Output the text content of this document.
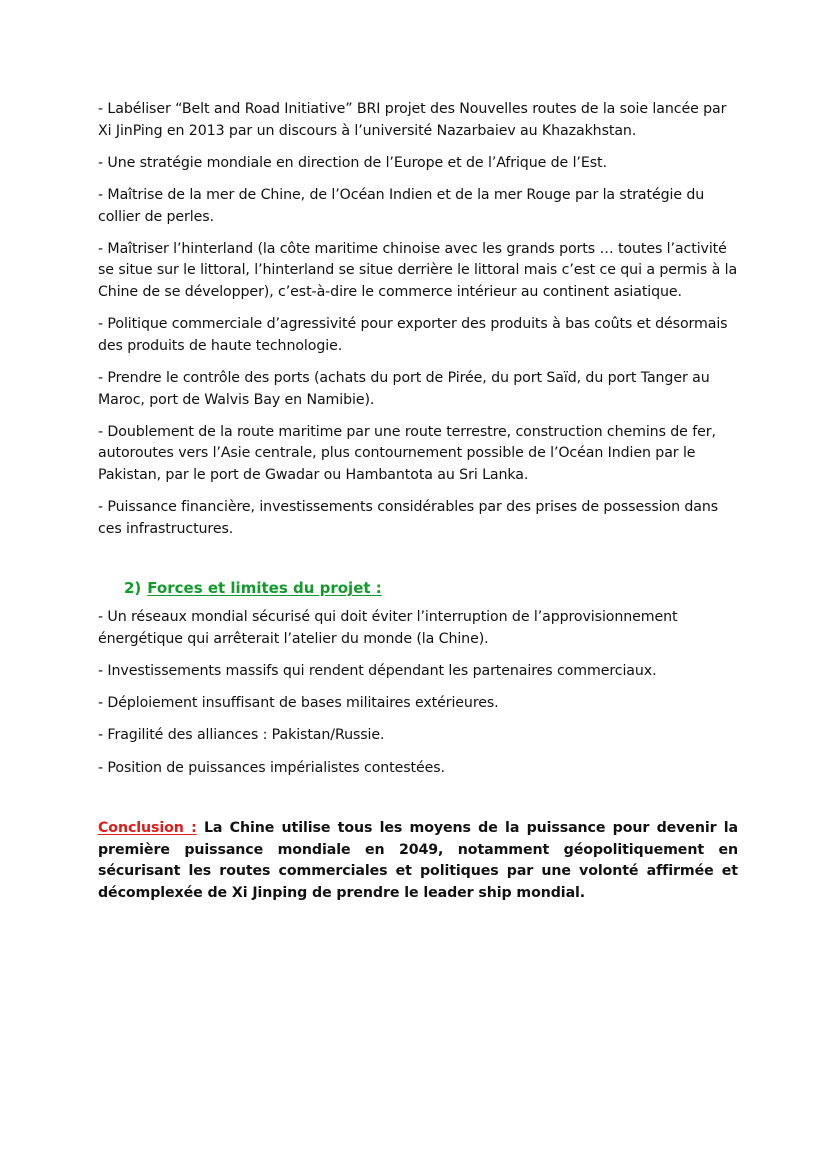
- Labéliser “Belt and Road Initiative” BRI projet des Nouvelles routes de la soie lancée par Xi JinPing en 2013 par un discours à l’université Nazarbaiev au Khazakhstan.

- Une stratégie mondiale en direction de l’Europe et de l’Afrique de l’Est.

- Maîtrise de la mer de Chine, de l’Océan Indien et de la mer Rouge par la stratégie du collier de perles.

- Maîtriser l’hinterland (la côte maritime chinoise avec les grands ports … toutes l’activité se situe sur le littoral, l’hinterland se situe derrière le littoral mais c’est ce qui a permis à la Chine de se développer), c’est-à-dire le commerce intérieur au continent asiatique.

- Politique commerciale d’agressivité pour exporter des produits à bas coûts et désormais des produits de haute technologie.

- Prendre le contrôle des ports (achats du port de Pirée, du port Saïd, du port Tanger au Maroc, port de Walvis Bay en Namibie).

- Doublement de la route maritime par une route terrestre, construction chemins de fer, autoroutes vers l’Asie centrale, plus contournement possible de l’Océan Indien par le Pakistan, par le port de Gwadar ou Hambantota au Sri Lanka.

- Puissance financière, investissements considérables par des prises de possession dans ces infrastructures.

2) Forces et limites du projet :

- Un réseaux mondial sécurisé qui doit éviter l’interruption de l’approvisionnement énergétique qui arrêterait l’atelier du monde (la Chine).

- Investissements massifs qui rendent dépendant les partenaires commerciaux.

- Déploiement insuffisant de bases militaires extérieures.

- Fragilité des alliances : Pakistan/Russie.

- Position de puissances impérialistes contestées.

Conclusion : La Chine utilise tous les moyens de la puissance pour devenir la première puissance mondiale en 2049, notamment géopolitiquement en sécurisant les routes commerciales et politiques par une volonté affirmée et décomplexée de Xi Jinping de prendre le leader ship mondial.
